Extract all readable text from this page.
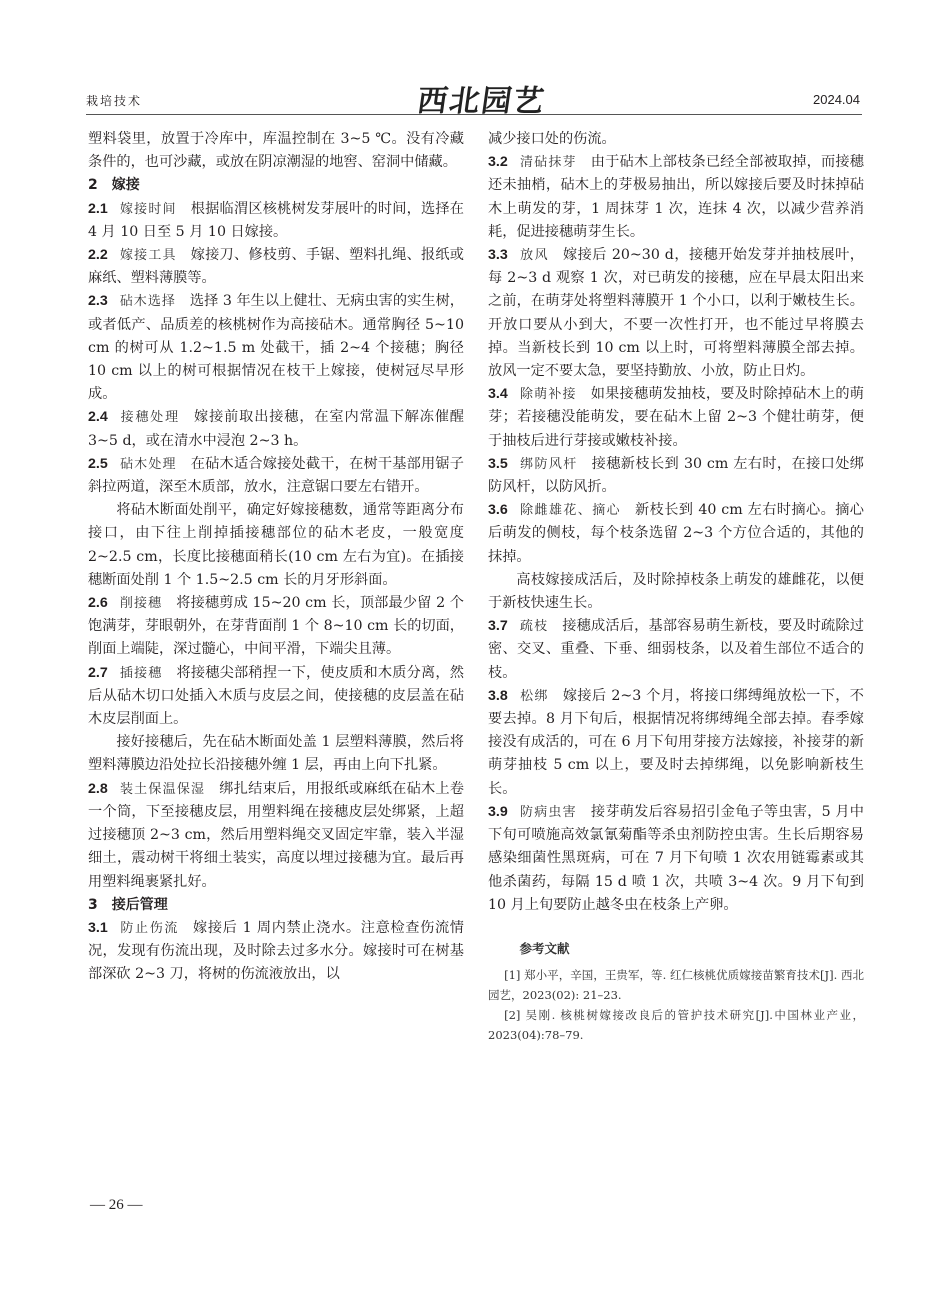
栽培技术	西北园艺	2024.04

塑料袋里，放置于冷库中，库温控制在 3~5 ℃。没有冷藏条件的，也可沙藏，或放在阴凉潮湿的地窖、窑洞中储藏。

2　嫁接

2.1 嫁接时间 根据临渭区核桃树发芽展叶的时间，选择在 4 月 10 日至 5 月 10 日嫁接。

2.2 嫁接工具 嫁接刀、修枝剪、手锯、塑料扎绳、报纸或麻纸、塑料薄膜等。

2.3 砧木选择 选择 3 年生以上健壮、无病虫害的实生树，或者低产、品质差的核桃树作为高接砧木。通常胸径 5~10 cm 的树可从 1.2~1.5 m 处截干，插 2~4 个接穗；胸径 10 cm 以上的树可根据情况在枝干上嫁接，使树冠尽早形成。

2.4 接穗处理 嫁接前取出接穗，在室内常温下解冻催醒 3~5 d，或在清水中浸泡 2~3 h。

2.5 砧木处理 在砧木适合嫁接处截干，在树干基部用锯子斜拉两道，深至木质部，放水，注意锯口要左右错开。

将砧木断面处削平，确定好嫁接穗数，通常等距离分布接口，由下往上削掉插接穗部位的砧木老皮，一般宽度 2~2.5 cm，长度比接穗面稍长(10 cm 左右为宜)。在插接穗断面处削 1 个 1.5~2.5 cm 长的月牙形斜面。

2.6 削接穗 将接穗剪成 15~20 cm 长，顶部最少留 2 个饱满芽，芽眼朝外，在芽背面削 1 个 8~10 cm 长的切面，削面上端陡，深过髓心，中间平滑，下端尖且薄。

2.7 插接穗 将接穗尖部稍捏一下，使皮质和木质分离，然后从砧木切口处插入木质与皮层之间，使接穗的皮层盖在砧木皮层削面上。

接好接穗后，先在砧木断面处盖 1 层塑料薄膜，然后将塑料薄膜边沿处拉长沿接穗外缠 1 层，再由上向下扎紧。

2.8 装土保温保湿 绑扎结束后，用报纸或麻纸在砧木上卷一个筒，下至接穗皮层，用塑料绳在接穗皮层处绑紧，上超过接穗顶 2~3 cm，然后用塑料绳交叉固定牢靠，装入半湿细土，震动树干将细土装实，高度以埋过接穗为宜。最后再用塑料绳裹紧扎好。

3　接后管理

3.1 防止伤流 嫁接后 1 周内禁止浇水。注意检查伤流情况，发现有伤流出现，及时除去过多水分。嫁接时可在树基部深砍 2~3 刀，将树的伤流液放出，以

减少接口处的伤流。

3.2 清砧抹芽 由于砧木上部枝条已经全部被取掉，而接穗还未抽梢，砧木上的芽极易抽出，所以嫁接后要及时抹掉砧木上萌发的芽，1 周抹芽 1 次，连抹 4 次，以减少营养消耗，促进接穗萌芽生长。

3.3 放风 嫁接后 20~30 d，接穗开始发芽并抽枝展叶，每 2~3 d 观察 1 次，对已萌发的接穗，应在早晨太阳出来之前，在萌芽处将塑料薄膜开 1 个小口，以利于嫩枝生长。开放口要从小到大，不要一次性打开，也不能过早将膜去掉。当新枝长到 10 cm 以上时，可将塑料薄膜全部去掉。放风一定不要太急，要坚持勤放、小放，防止日灼。

3.4 除萌补接 如果接穗萌发抽枝，要及时除掉砧木上的萌芽；若接穗没能萌发，要在砧木上留 2~3 个健壮萌芽，便于抽枝后进行芽接或嫩枝补接。

3.5 绑防风杆 接穗新枝长到 30 cm 左右时，在接口处绑防风杆，以防风折。

3.6 除雌雄花、摘心 新枝长到 40 cm 左右时摘心。摘心后萌发的侧枝，每个枝条选留 2~3 个方位合适的，其他的抹掉。

高枝嫁接成活后，及时除掉枝条上萌发的雄雌花，以便于新枝快速生长。

3.7 疏枝 接穗成活后，基部容易萌生新枝，要及时疏除过密、交叉、重叠、下垂、细弱枝条，以及着生部位不适合的枝。

3.8 松绑 嫁接后 2~3 个月，将接口绑缚绳放松一下，不要去掉。8 月下旬后，根据情况将绑缚绳全部去掉。春季嫁接没有成活的，可在 6 月下旬用芽接方法嫁接，补接芽的新萌芽抽枝 5 cm 以上，要及时去掉绑绳，以免影响新枝生长。

3.9 防病虫害 接芽萌发后容易招引金龟子等虫害，5 月中下旬可喷施高效氯氰菊酯等杀虫剂防控虫害。生长后期容易感染细菌性黑斑病，可在 7 月下旬喷 1 次农用链霉素或其他杀菌药，每隔 15 d 喷 1 次，共喷 3~4 次。9 月下旬到 10 月上旬要防止越冬虫在枝条上产卵。

参考文献

[1] 郑小平，辛国，王贵军，等. 红仁核桃优质嫁接苗繁育技术[J]. 西北园艺，2023(02): 21–23.

[2] 吴刚. 核桃树嫁接改良后的管护技术研究[J].中国林业产业，2023(04):78–79.

— 26 —
